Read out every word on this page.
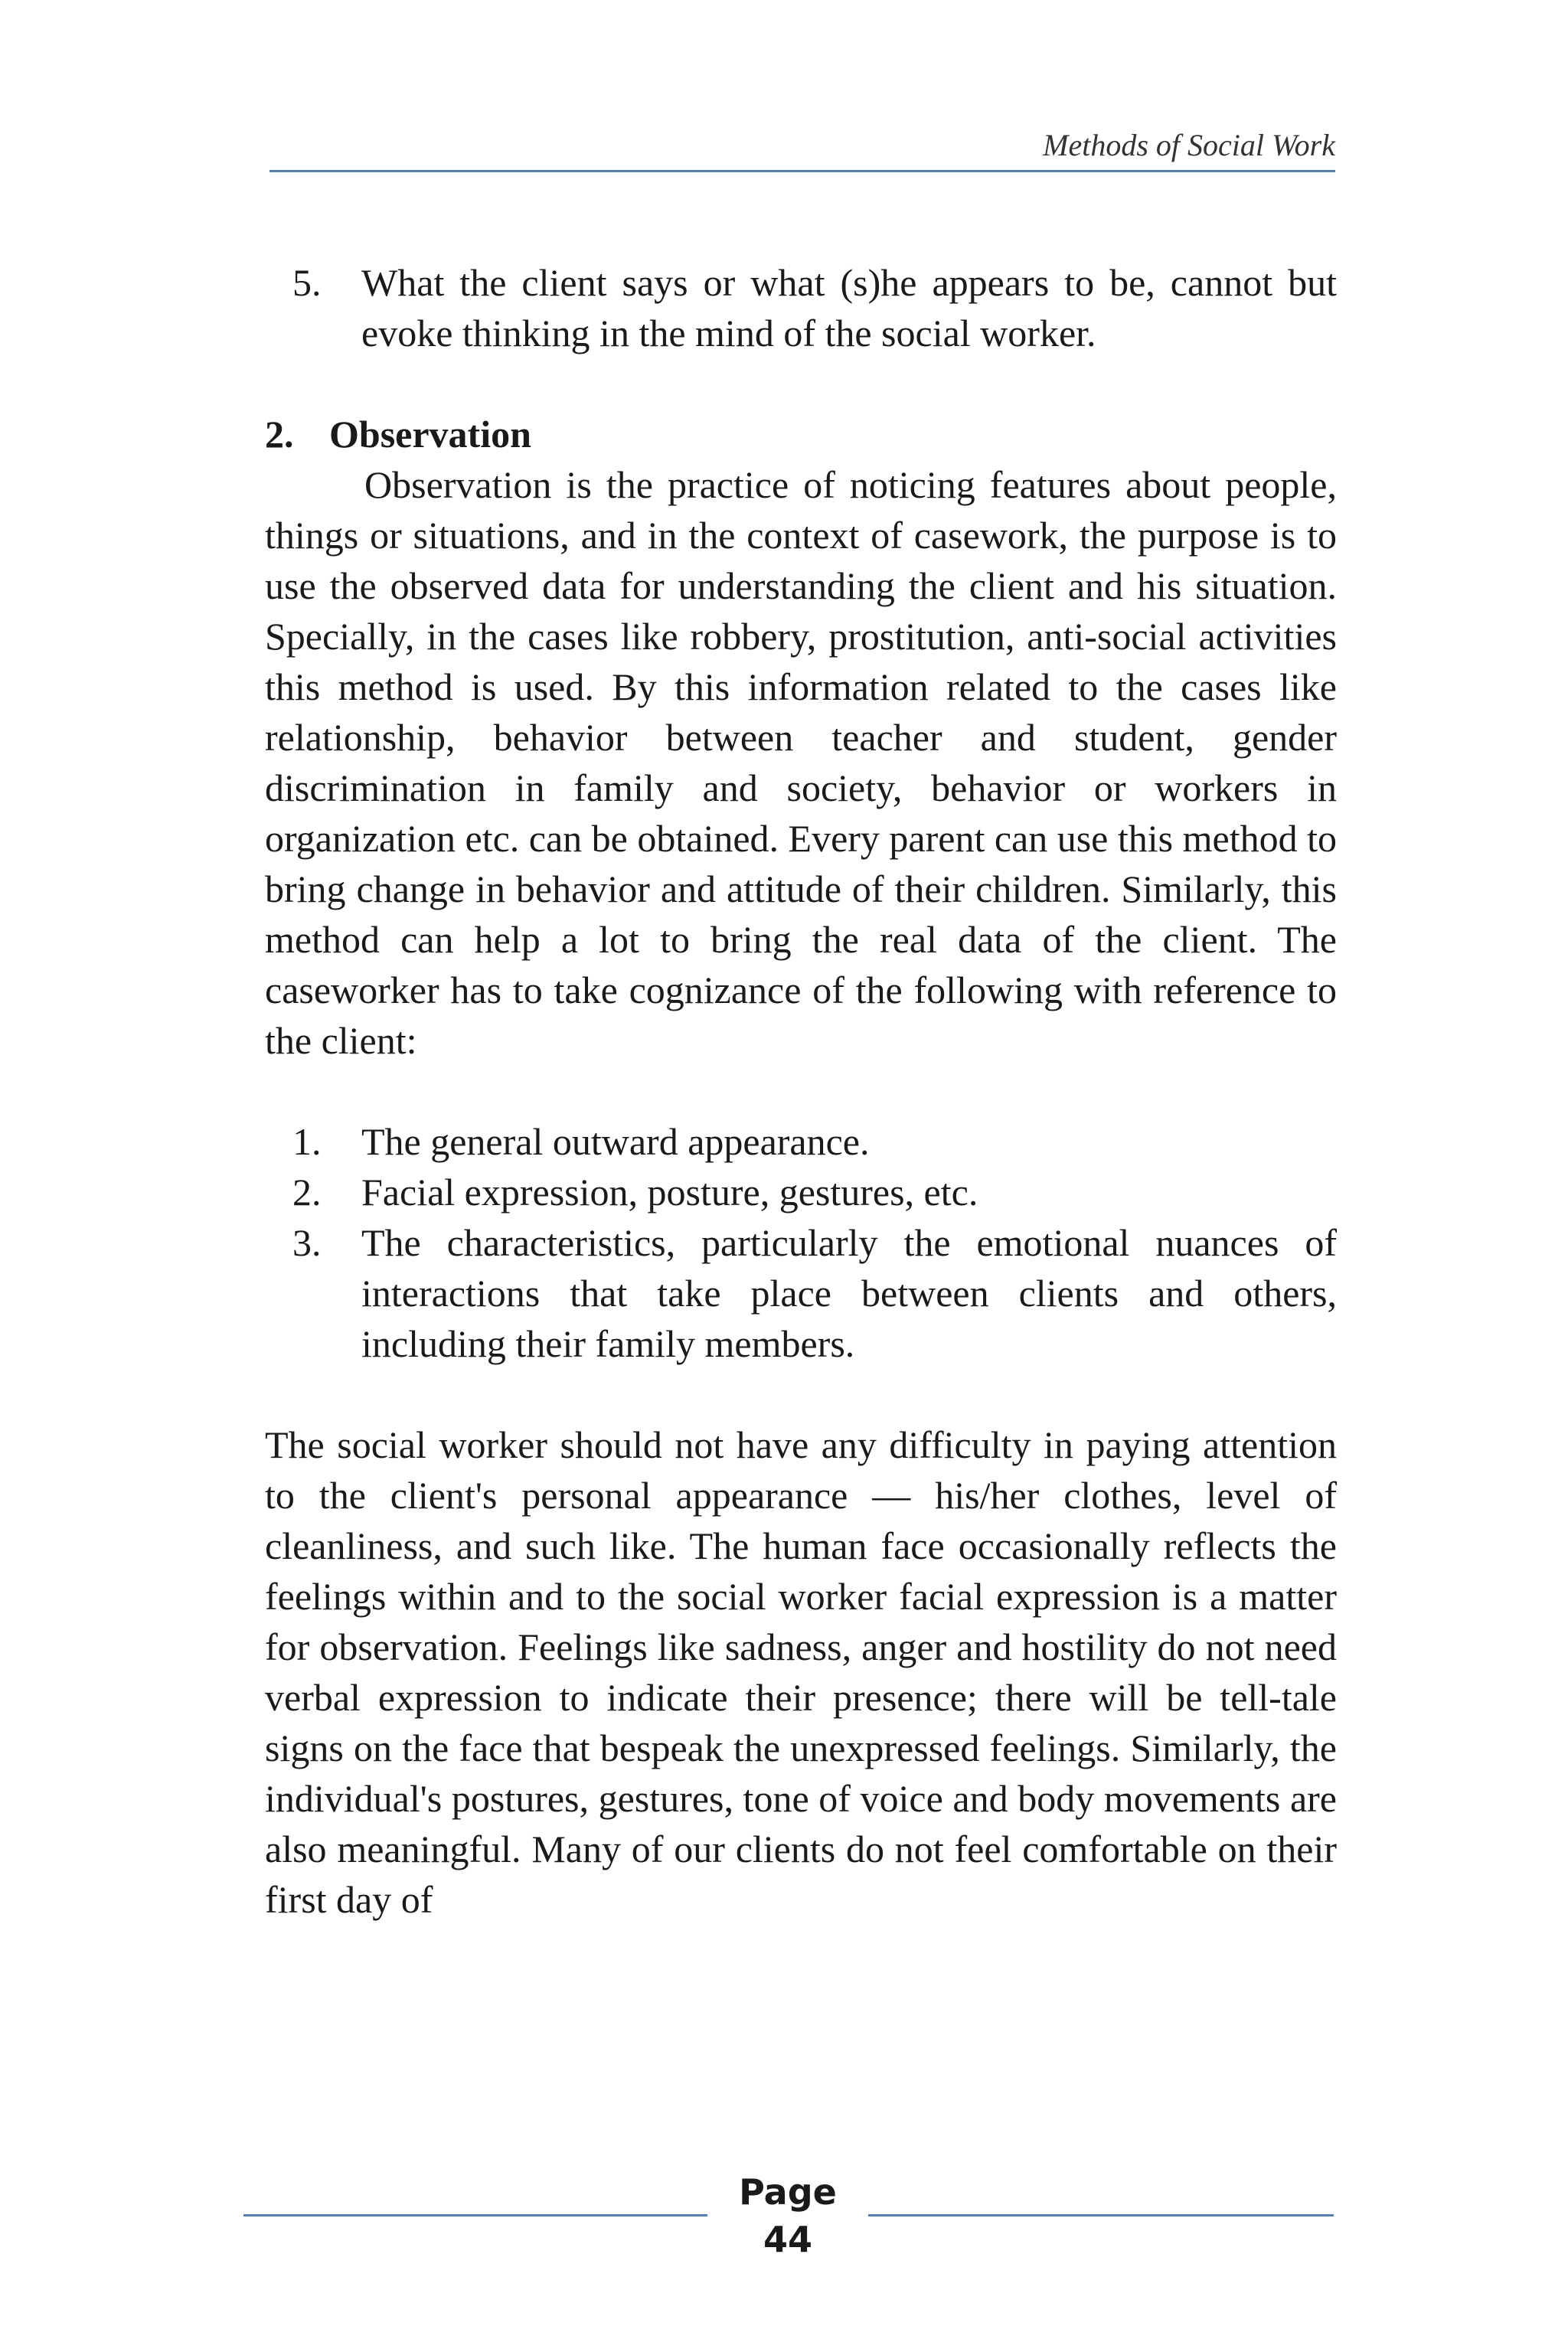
Methods of Social Work
5. What the client says or what (s)he appears to be, cannot but evoke thinking in the mind of the social worker.
2. Observation

Observation is the practice of noticing features about people, things or situations, and in the context of casework, the purpose is to use the observed data for understanding the client and his situation. Specially, in the cases like robbery, prostitution, anti-social activities this method is used. By this information related to the cases like relationship, behavior between teacher and student, gender discrimination in family and society, behavior or workers in organization etc. can be obtained. Every parent can use this method to bring change in behavior and attitude of their children. Similarly, this method can help a lot to bring the real data of the client. The caseworker has to take cognizance of the following with reference to the client:

1. The general outward appearance.
2. Facial expression, posture, gestures, etc.
3. The characteristics, particularly the emotional nuances of interactions that take place between clients and others, including their family members.

The social worker should not have any difficulty in paying attention to the client's personal appearance — his/her clothes, level of cleanliness, and such like. The human face occasionally reflects the feelings within and to the social worker facial expression is a matter for observation. Feelings like sadness, anger and hostility do not need verbal expression to indicate their presence; there will be tell-tale signs on the face that bespeak the unexpressed feelings. Similarly, the individual's postures, gestures, tone of voice and body movements are also meaningful. Many of our clients do not feel comfortable on their first day of

Page
44
